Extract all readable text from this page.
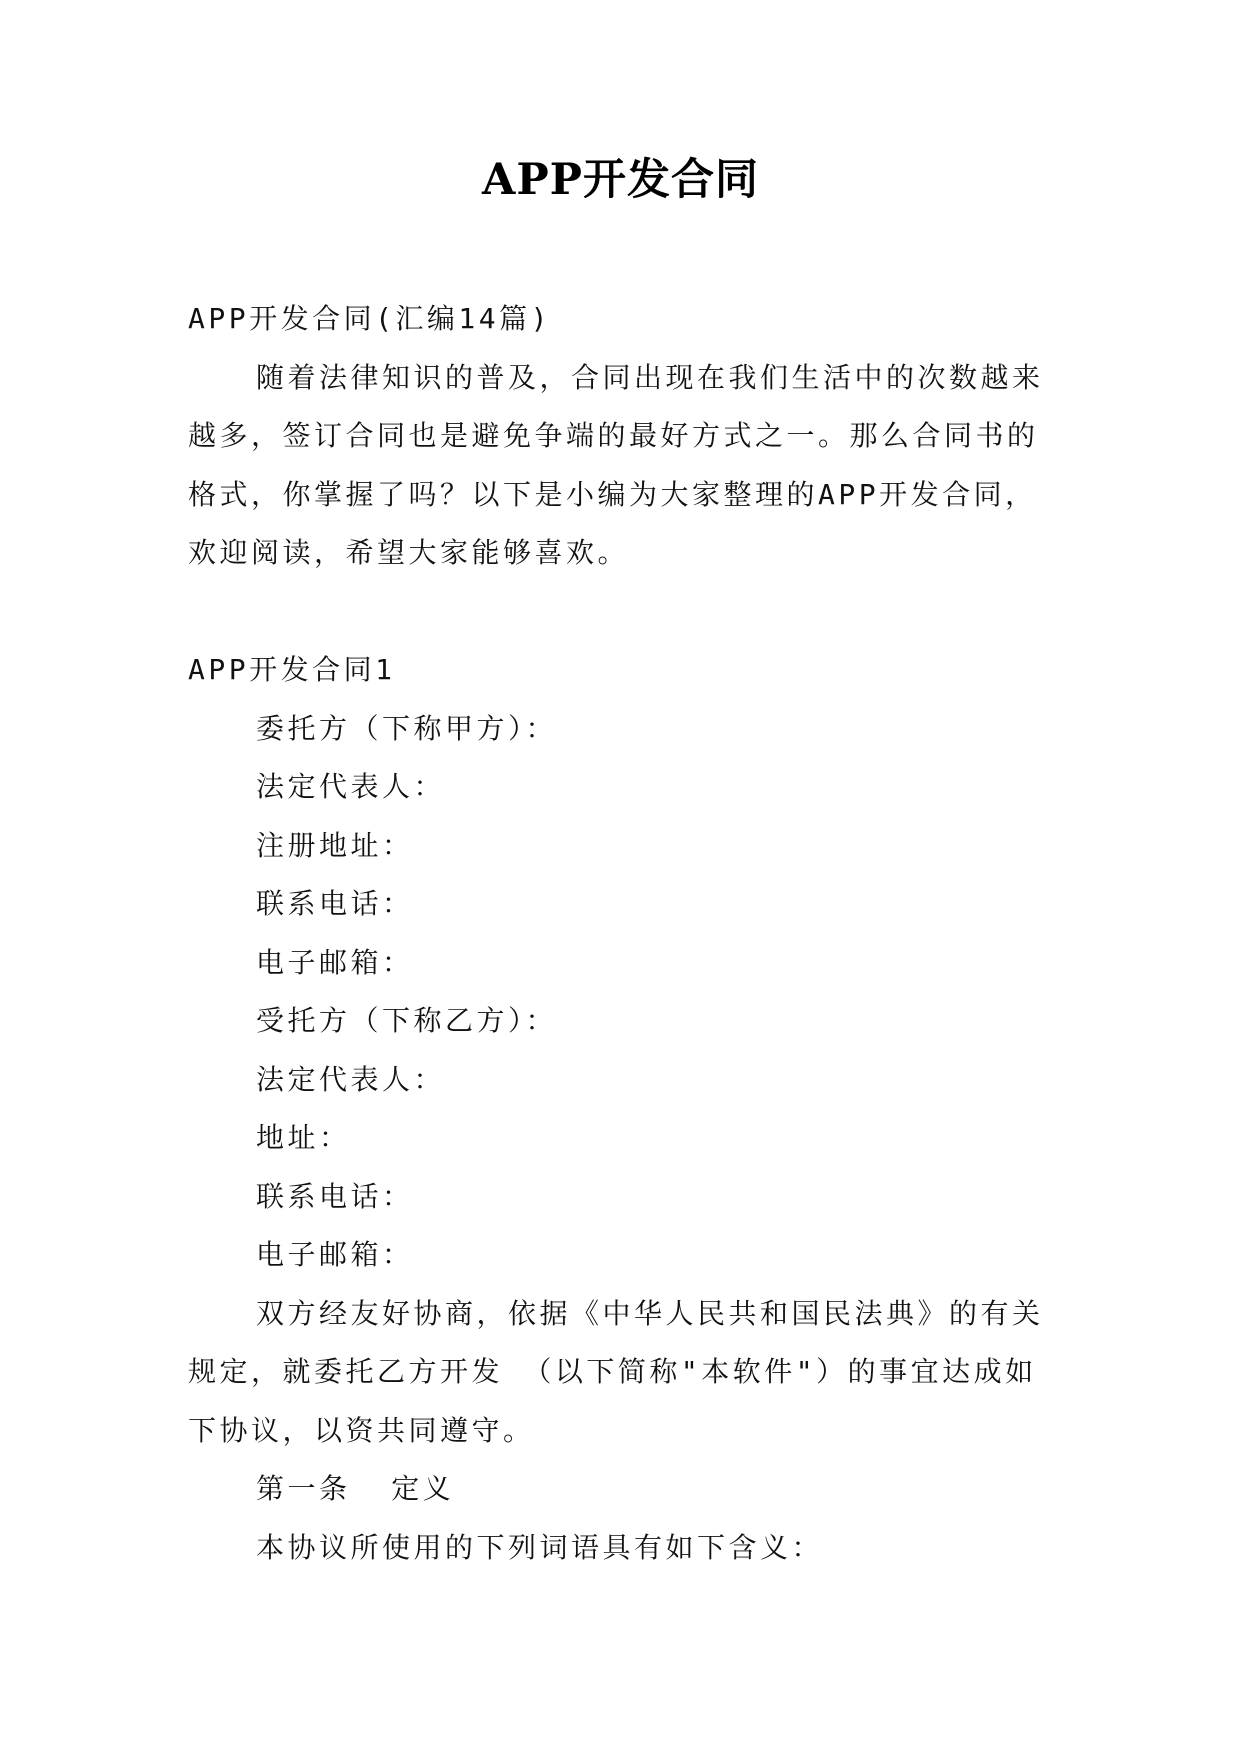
APP开发合同

APP开发合同(汇编14篇)

随着法律知识的普及，合同出现在我们生活中的次数越来越多，签订合同也是避免争端的最好方式之一。那么合同书的格式，你掌握了吗？以下是小编为大家整理的APP开发合同，欢迎阅读，希望大家能够喜欢。

APP开发合同1

委托方（下称甲方）：

法定代表人：

注册地址：

联系电话：

电子邮箱：

受托方（下称乙方）：

法定代表人：

地址：

联系电话：

电子邮箱：

双方经友好协商，依据《中华人民共和国民法典》的有关规定，就委托乙方开发 （以下简称"本软件"）的事宜达成如下协议，以资共同遵守。

第一条  定义

本协议所使用的下列词语具有如下含义：
